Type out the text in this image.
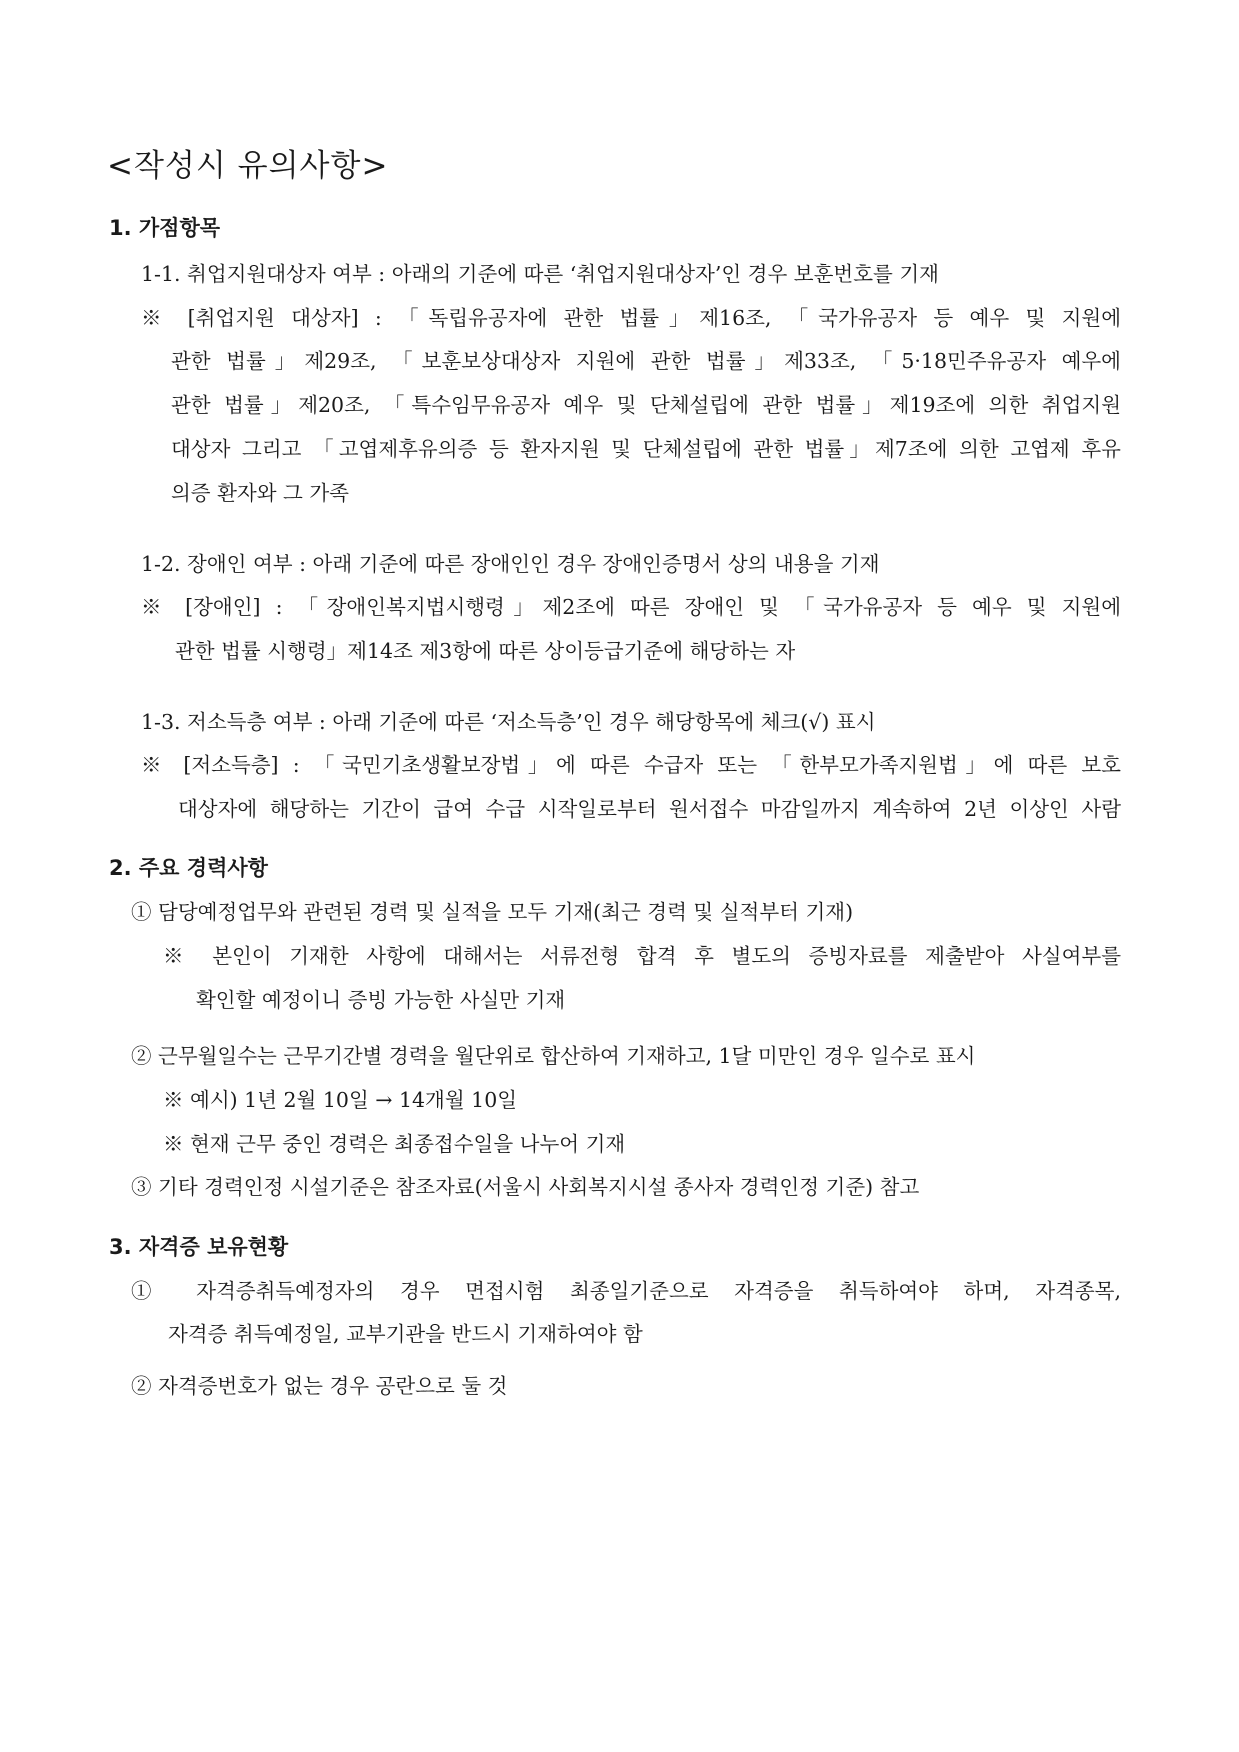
<작성시 유의사항>
1. 가점항목
1-1. 취업지원대상자 여부 : 아래의 기준에 따른 ‘취업지원대상자’인 경우 보훈번호를 기재
※ [취업지원 대상자] : 「독립유공자에 관한 법률」제16조, 「국가유공자 등 예우 및 지원에
관한 법률」제29조, 「보훈보상대상자 지원에 관한 법률」제33조, 「5·18민주유공자 예우에
관한 법률」제20조, 「특수임무유공자 예우 및 단체설립에 관한 법률」제19조에 의한 취업지원
대상자 그리고 「고엽제후유의증 등 환자지원 및 단체설립에 관한 법률」제7조에 의한 고엽제 후유
의증 환자와 그 가족
1-2. 장애인 여부 : 아래 기준에 따른 장애인인 경우 장애인증명서 상의 내용을 기재
※ [장애인] : 「장애인복지법시행령」제2조에 따른 장애인 및 「국가유공자 등 예우 및 지원에
관한 법률 시행령」제14조 제3항에 따른 상이등급기준에 해당하는 자
1-3. 저소득층 여부 : 아래 기준에 따른 ‘저소득층’인 경우 해당항목에 체크(√) 표시
※ [저소득층] : 「국민기초생활보장법」에 따른 수급자 또는 「한부모가족지원법」에 따른 보호
대상자에 해당하는 기간이 급여 수급 시작일로부터 원서접수 마감일까지 계속하여 2년 이상인 사람
2. 주요 경력사항
① 담당예정업무와 관련된 경력 및 실적을 모두 기재(최근 경력 및 실적부터 기재)
※ 본인이 기재한 사항에 대해서는 서류전형 합격 후 별도의 증빙자료를 제출받아 사실여부를
확인할 예정이니 증빙 가능한 사실만 기재
② 근무월일수는 근무기간별 경력을 월단위로 합산하여 기재하고, 1달 미만인 경우 일수로 표시
※ 예시) 1년 2월 10일 → 14개월 10일
※ 현재 근무 중인 경력은 최종접수일을 나누어 기재
③ 기타 경력인정 시설기준은 참조자료(서울시 사회복지시설 종사자 경력인정 기준) 참고
3. 자격증 보유현황
① 자격증취득예정자의 경우 면접시험 최종일기준으로 자격증을 취득하여야 하며, 자격종목,
자격증 취득예정일, 교부기관을 반드시 기재하여야 함
② 자격증번호가 없는 경우 공란으로 둘 것
